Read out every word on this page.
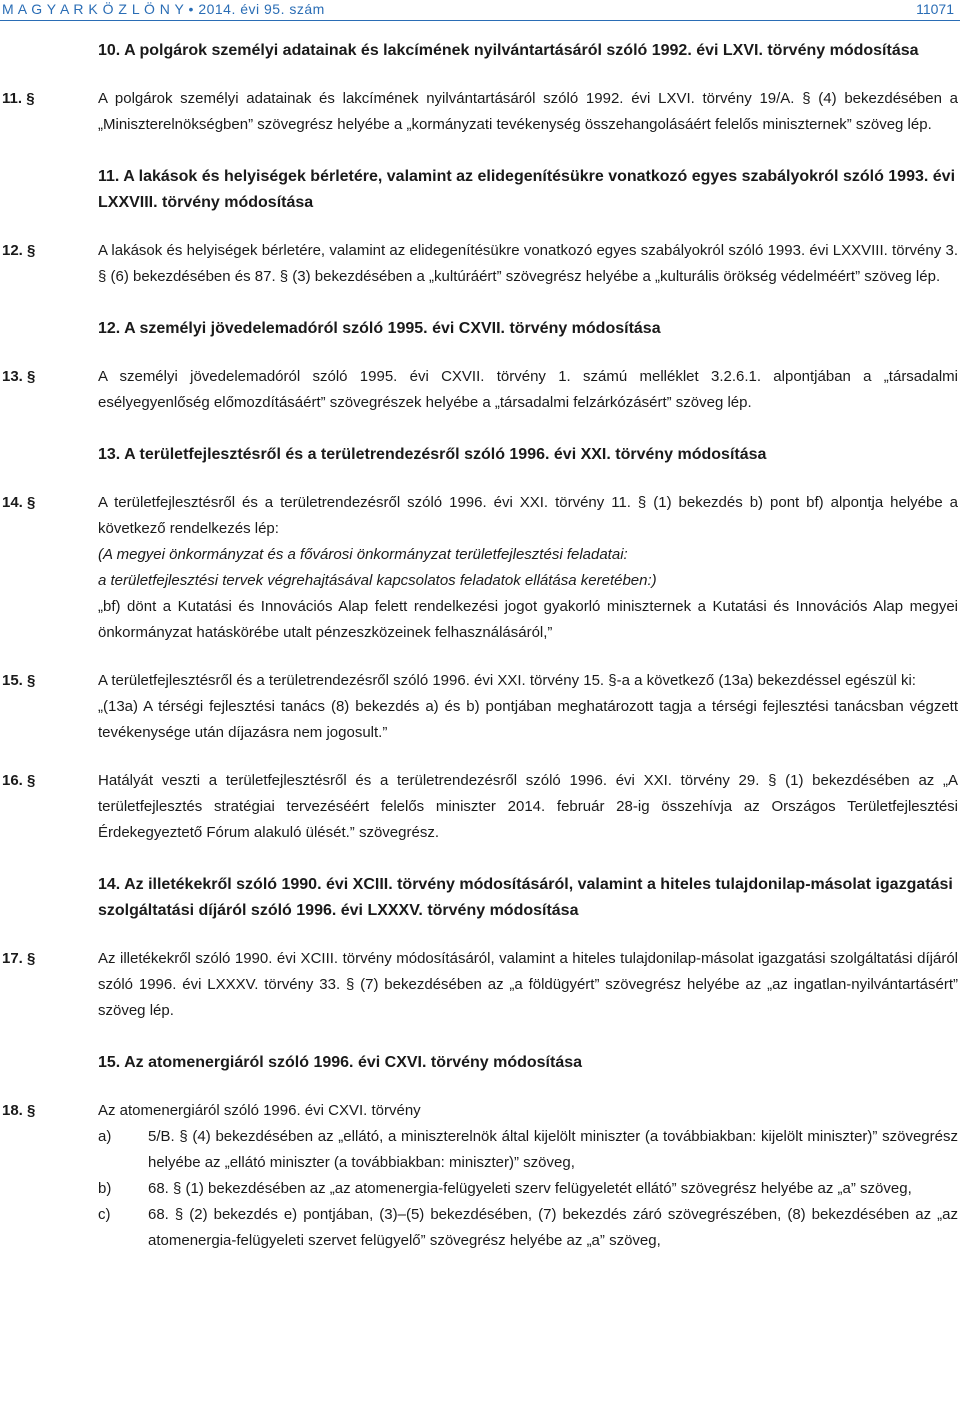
M A G Y A R K Ö Z L Ö N Y • 2014. évi 95. szám	11071
10. A polgárok személyi adatainak és lakcímének nyilvántartásáról szóló 1992. évi LXVI. törvény módosítása
11. §	A polgárok személyi adatainak és lakcímének nyilvántartásáról szóló 1992. évi LXVI. törvény 19/A. § (4) bekezdésében a „Miniszterelnökségben” szövegrész helyébe a „kormányzati tevékenység összehangolásáért felelős miniszternek” szöveg lép.

11. A lakások és helyiségek bérletére, valamint az elidegenítésükre vonatkozó egyes szabályokról szóló 1993. évi LXXVIII. törvény módosítása
12. §	A lakások és helyiségek bérletére, valamint az elidegenítésükre vonatkozó egyes szabályokról szóló 1993. évi LXXVIII. törvény 3. § (6) bekezdésében és 87. § (3) bekezdésében a „kultúráért” szövegrész helyébe a „kulturális örökség védelméért” szöveg lép.

12. A személyi jövedelemadóról szóló 1995. évi CXVII. törvény módosítása
13. §	A személyi jövedelemadóról szóló 1995. évi CXVII. törvény 1. számú melléklet 3.2.6.1. alpontjában a „társadalmi esélyegyenlőség előmozdításáért” szövegrészek helyébe a „társadalmi felzárkózásért” szöveg lép.

13. A területfejlesztésről és a területrendezésről szóló 1996. évi XXI. törvény módosítása
14. §	A területfejlesztésről és a területrendezésről szóló 1996. évi XXI. törvény 11. § (1) bekezdés b) pont bf) alpontja helyébe a következő rendelkezés lép:

(A megyei önkormányzat és a fővárosi önkormányzat területfejlesztési feladatai:

a területfejlesztési tervek végrehajtásával kapcsolatos feladatok ellátása keretében:)

„bf) dönt a Kutatási és Innovációs Alap felett rendelkezési jogot gyakorló miniszternek a Kutatási és Innovációs Alap megyei önkormányzat hatáskörébe utalt pénzeszközeinek felhasználásáról,”

15. §	A területfejlesztésről és a területrendezésről szóló 1996. évi XXI. törvény 15. §-a a következő (13a) bekezdéssel egészül ki:

„(13a) A térségi fejlesztési tanács (8) bekezdés a) és b) pontjában meghatározott tagja a térségi fejlesztési tanácsban végzett tevékenysége után díjazásra nem jogosult.”

16. §	Hatályát veszti a területfejlesztésről és a területrendezésről szóló 1996. évi XXI. törvény 29. § (1) bekezdésében az „A területfejlesztés stratégiai tervezéséért felelős miniszter 2014. február 28-ig összehívja az Országos Területfejlesztési Érdekegyeztető Fórum alakuló ülését.” szövegrész.

14. Az illetékekről szóló 1990. évi XCIII. törvény módosításáról, valamint a hiteles tulajdonilap-másolat igazgatási szolgáltatási díjáról szóló 1996. évi LXXXV. törvény módosítása
17. §	Az illetékekről szóló 1990. évi XCIII. törvény módosításáról, valamint a hiteles tulajdonilap-másolat igazgatási szolgáltatási díjáról szóló 1996. évi LXXXV. törvény 33. § (7) bekezdésében az „a földügyért” szövegrész helyébe az „az ingatlan-nyilvántartásért” szöveg lép.

15. Az atomenergiáról szóló 1996. évi CXVI. törvény módosítása
18. §	Az atomenergiáról szóló 1996. évi CXVI. törvény

a)	5/B. § (4) bekezdésében az „ellátó, a miniszterelnök által kijelölt miniszter (a továbbiakban: kijelölt miniszter)” szövegrész helyébe az „ellátó miniszter (a továbbiakban: miniszter)” szöveg,
b)	68. § (1) bekezdésében az „az atomenergia-felügyeleti szerv felügyeletét ellátó” szövegrész helyébe az „a” szöveg,
c)	68. § (2) bekezdés e) pontjában, (3)–(5) bekezdésében, (7) bekezdés záró szövegrészében, (8) bekezdésében az „az atomenergia-felügyeleti szervet felügyelő” szövegrész helyébe az „a” szöveg,
